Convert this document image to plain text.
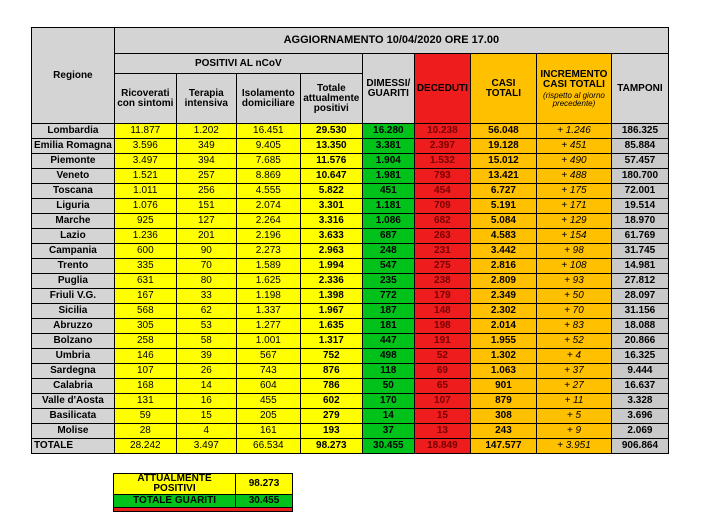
Regione	AGGIORNAMENTO 10/04/2020 ORE 17.00								
	POSITIVI AL nCoV				DIMESSI/ GUARITI	DECEDUTI	CASI TOTALI	INCREMENTO CASI TOTALI
(rispetto al giorno precedente)	TAMPONI
	Ricoverati con sintomi	Terapia intensiva	Isolamento domiciliare	Totale attualmente positivi					
Lombardia	11.877	1.202	16.451	29.530	16.280	10.238	56.048	+ 1.246	186.325
Emilia Romagna	3.596	349	9.405	13.350	3.381	2.397	19.128	+ 451	85.884
Piemonte	3.497	394	7.685	11.576	1.904	1.532	15.012	+ 490	57.457
Veneto	1.521	257	8.869	10.647	1.981	793	13.421	+ 488	180.700
Toscana	1.011	256	4.555	5.822	451	454	6.727	+ 175	72.001
Liguria	1.076	151	2.074	3.301	1.181	709	5.191	+ 171	19.514
Marche	925	127	2.264	3.316	1.086	682	5.084	+ 129	18.970
Lazio	1.236	201	2.196	3.633	687	263	4.583	+ 154	61.769
Campania	600	90	2.273	2.963	248	231	3.442	+ 98	31.745
Trento	335	70	1.589	1.994	547	275	2.816	+ 108	14.981
Puglia	631	80	1.625	2.336	235	238	2.809	+ 93	27.812
Friuli V.G.	167	33	1.198	1.398	772	179	2.349	+ 50	28.097
Sicilia	568	62	1.337	1.967	187	148	2.302	+ 70	31.156
Abruzzo	305	53	1.277	1.635	181	198	2.014	+ 83	18.088
Bolzano	258	58	1.001	1.317	447	191	1.955	+ 52	20.866
Umbria	146	39	567	752	498	52	1.302	+ 4	16.325
Sardegna	107	26	743	876	118	69	1.063	+ 37	9.444
Calabria	168	14	604	786	50	65	901	+ 27	16.637
Valle d'Aosta	131	16	455	602	170	107	879	+ 11	3.328
Basilicata	59	15	205	279	14	15	308	+ 5	3.696
Molise	28	4	161	193	37	13	243	+ 9	2.069
TOTALE	28.242	3.497	66.534	98.273	30.455	18.849	147.577	+ 3.951	906.864
ATTUALMENTE POSITIVI	98.273
TOTALE GUARITI	30.455
